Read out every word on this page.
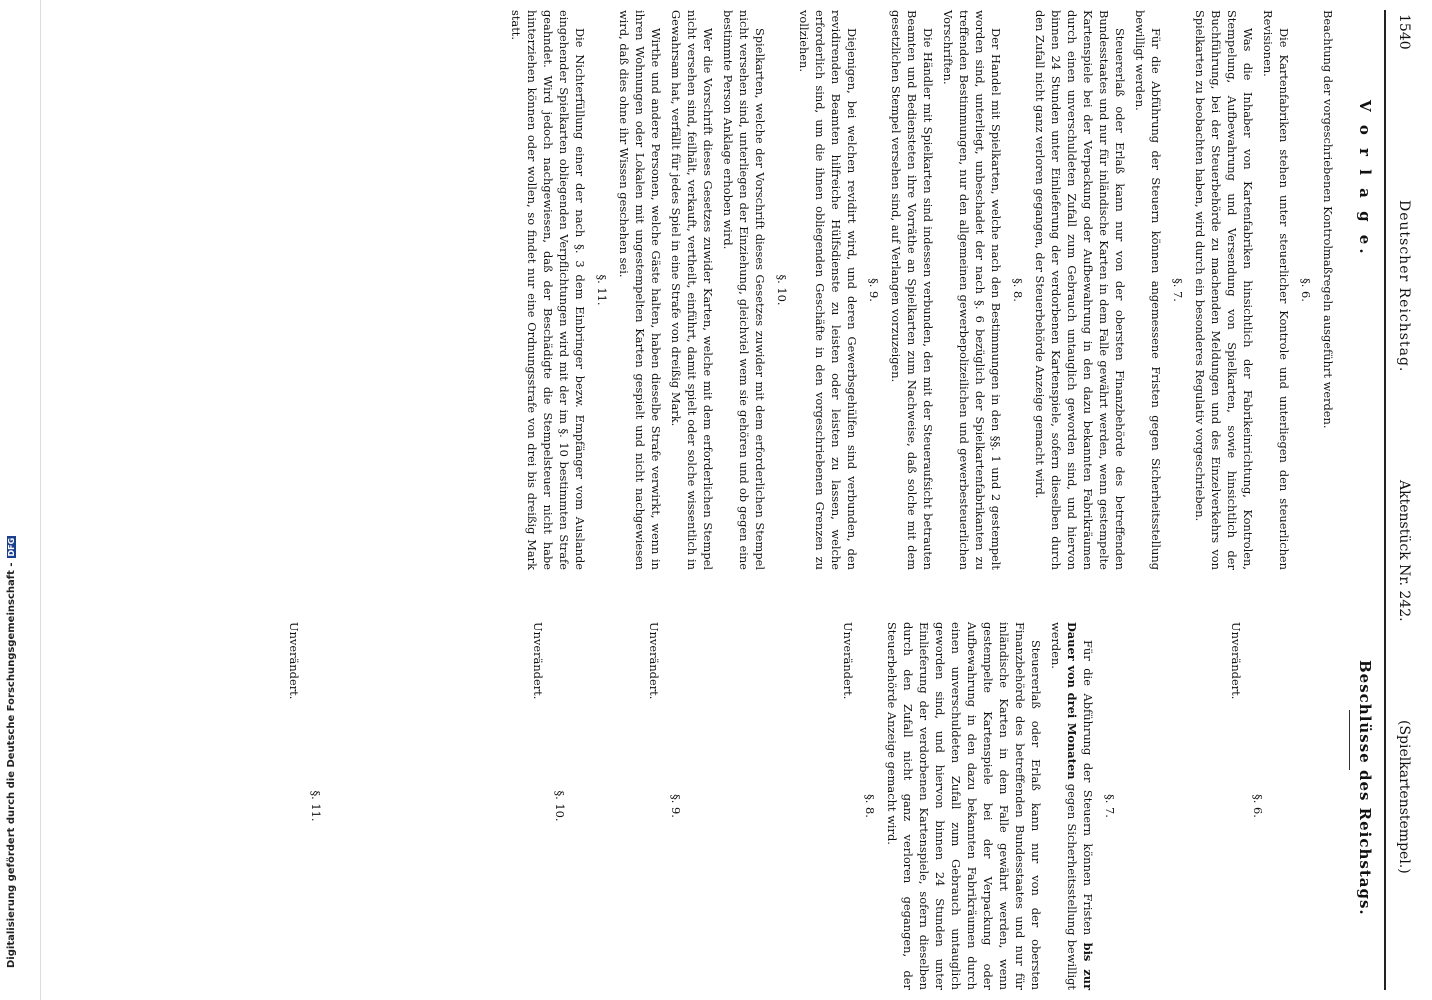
Digitalisierung gefördert durch die Deutsche Forschungsgemeinschaft -DFG
1540
Deutscher Reichstag.
Aktenstück Nr. 242.
(Spielkartenstempel.)
V o r l a g e.
Beschlüsse des Reichstags.

Beachtung der vorgeschriebenen Kontrolmaßregeln ausgeführt werden.

§. 6.

Die Kartenfabriken stehen unter steuerlicher Kontrole und unterliegen den steuerlichen Revisionen.

Was die Inhaber von Kartenfabriken hinsichtlich der Fabrikeinrichtung, Kontrolen, Stempelung, Aufbewahrung und Versendung von Spielkarten, sowie hinsichtlich der Buchführung, bei der Steuerbehörde zu machenden Meldungen und des Einzelverkehrs von Spielkarten zu beobachten haben, wird durch ein besonderes Regulativ vorgeschrieben.

§. 7.

Für die Abführung der Steuern können angemessene Fristen gegen Sicherheitsstellung bewilligt werden.

Steuererlaß oder Erlaß kann nur von der obersten Finanzbehörde des betreffenden Bundesstaates und nur für inländische Karten in dem Falle gewährt werden, wenn gestempelte Kartenspiele bei der Verpackung oder Aufbewahrung in den dazu bekannten Fabrikräumen durch einen unverschuldeten Zufall zum Gebrauch untauglich geworden sind, und hiervon binnen 24 Stunden unter Einlieferung der verdorbenen Kartenspiele, sofern dieselben durch den Zufall nicht ganz verloren gegangen, der Steuerbehörde Anzeige gemacht wird.

§. 8.

Der Handel mit Spielkarten, welche nach den Bestimmungen in den §§. 1 und 2 gestempelt worden sind, unterliegt, unbeschadet der nach §. 6 bezüglich der Spielkartenfabrikanten zu treffenden Bestimmungen, nur den allgemeinen gewerbepolizeilichen und gewerbesteuerlichen Vorschriften.

Die Händler mit Spielkarten sind indessen verbunden, den mit der Steueraufsicht betrauten Beamten und Bediensteten ihre Vorräthe an Spielkarten zum Nachweise, daß solche mit dem gesetzlichen Stempel versehen sind, auf Verlangen vorzuzeigen.

§. 9.

Diejenigen, bei welchen revidirt wird, und deren Gewerbsgehülfen sind verbunden, den revidirenden Beamten hilfreiche Hülfsdienste zu leisten oder leisten zu lassen, welche erforderlich sind, um die ihnen obliegenden Geschäfte in den vorgeschriebenen Grenzen zu vollziehen.

§. 10.

Spielkarten, welche der Vorschrift dieses Gesetzes zuwider mit dem erforderlichen Stempel nicht versehen sind, unterliegen der Einziehung, gleichviel wem sie gehören und ob gegen eine bestimmte Person Anklage erhoben wird.

Wer die Vorschrift dieses Gesetzes zuwider Karten, welche mit dem erforderlichen Stempel nicht versehen sind, feilhält, verkauft, vertheilt, einführt, damit spielt oder solche wissentlich in Gewahrsam hat, verfällt für jedes Spiel in eine Strafe von dreißig Mark.

Wirthe und andere Personen, welche Gäste halten, haben dieselbe Strafe verwirkt, wenn in ihren Wohnungen oder Lokalen mit ungestempelten Karten gespielt und nicht nachgewiesen wird, daß dies ohne ihr Wissen geschehen sei.

§. 11.

Die Nichterfüllung einer der nach §. 3 dem Einbringer bezw. Empfänger vom Auslande eingehender Spielkarten obliegenden Verpflichtungen wird mit der im §. 10 bestimmten Strafe geahndet. Wird jedoch nachgewiesen, daß der Beschädigte die Stempelsteuer nicht habe hinterziehen können oder wollen, so findet nur eine Ordnungsstrafe von drei bis dreißig Mark statt.

§. 6.

Unverändert.

§. 7.

Für die Abführung der Steuern können Fristen bis zur Dauer von drei Monaten gegen Sicherheitsstellung bewilligt werden.

Steuererlaß oder Erlaß kann nur von der obersten Finanzbehörde des betreffenden Bundesstaates und nur für inländische Karten in dem Falle gewährt werden, wenn gestempelte Kartenspiele bei der Verpackung oder Aufbewahrung in den dazu bekannten Fabrikräumen durch einen unverschuldeten Zufall zum Gebrauch untauglich geworden sind, und hiervon binnen 24 Stunden unter Einlieferung der verdorbenen Kartenspiele, sofern dieselben durch den Zufall nicht ganz verloren gegangen, der Steuerbehörde Anzeige gemacht wird.

§. 8.

Unverändert.

§. 9.

Unverändert.

§. 10.

Unverändert.

§. 11.

Unverändert.
